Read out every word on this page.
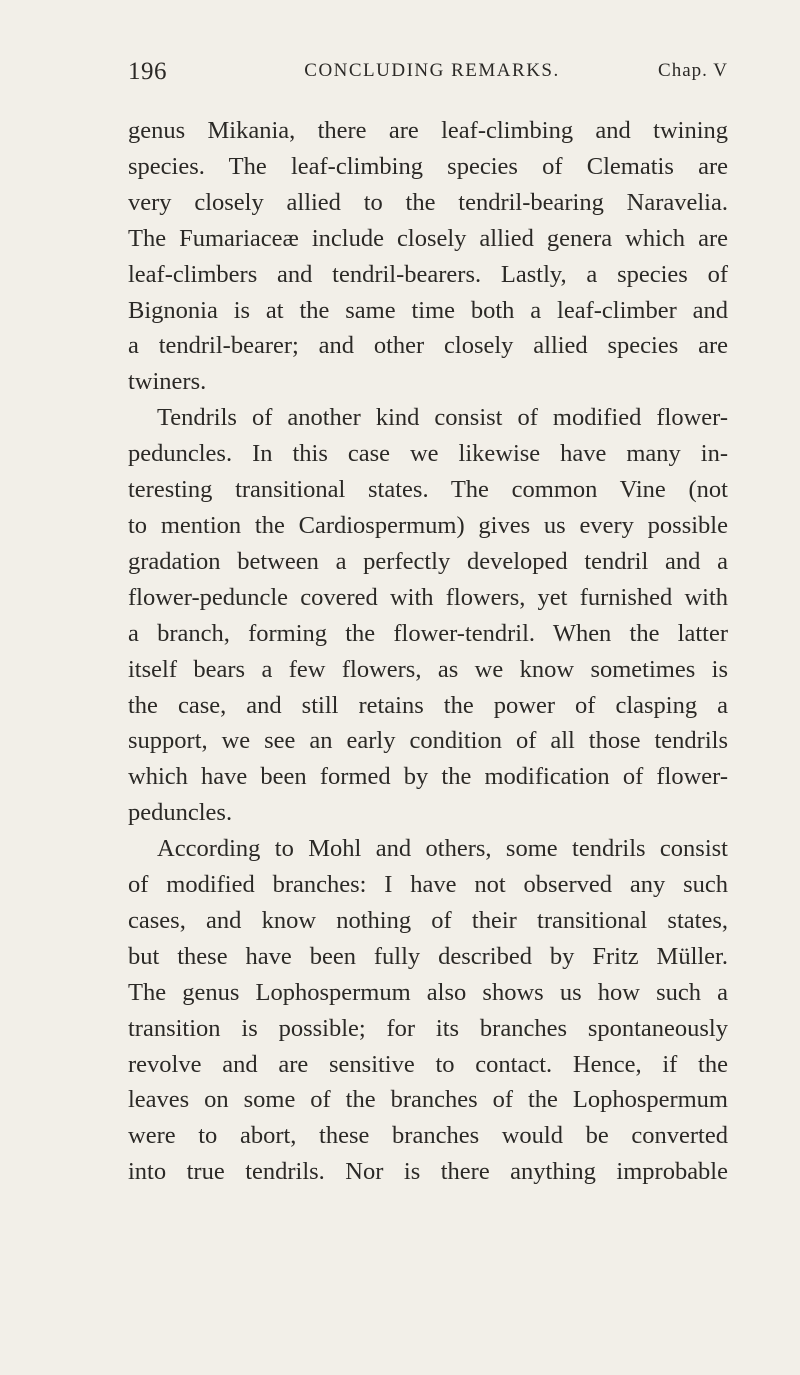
196	CONCLUDING REMARKS.	Chap. V
genus Mikania, there are leaf-climbing and twining
species. The leaf-climbing species of Clematis are
very closely allied to the tendril-bearing Naravelia.
The Fumariaceæ include closely allied genera which are
leaf-climbers and tendril-bearers. Lastly, a species of
Bignonia is at the same time both a leaf-climber and
a tendril-bearer; and other closely allied species are
twiners.
Tendrils of another kind consist of modified flower-
peduncles. In this case we likewise have many in-
teresting transitional states. The common Vine (not
to mention the Cardiospermum) gives us every possible
gradation between a perfectly developed tendril and a
flower-peduncle covered with flowers, yet furnished with
a branch, forming the flower-tendril. When the latter
itself bears a few flowers, as we know sometimes is
the case, and still retains the power of clasping a
support, we see an early condition of all those tendrils
which have been formed by the modification of flower-
peduncles.
According to Mohl and others, some tendrils consist
of modified branches: I have not observed any such
cases, and know nothing of their transitional states,
but these have been fully described by Fritz Müller.
The genus Lophospermum also shows us how such a
transition is possible; for its branches spontaneously
revolve and are sensitive to contact. Hence, if the
leaves on some of the branches of the Lophospermum
were to abort, these branches would be converted
into true tendrils. Nor is there anything improbable
